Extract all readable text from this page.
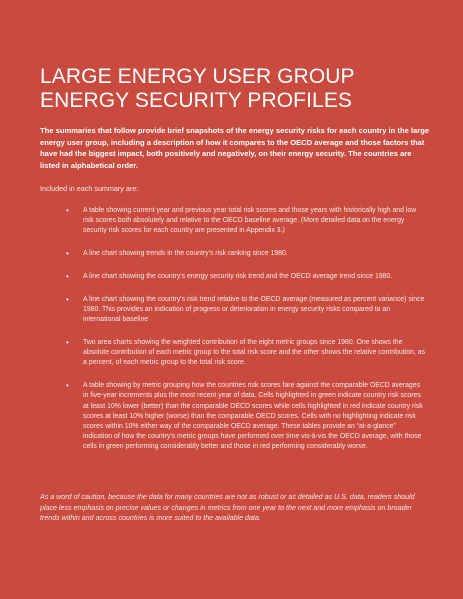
LARGE ENERGY USER GROUP
ENERGY SECURITY PROFILES

The summaries that follow provide brief snapshots of the energy security risks for each country in the large energy user group, including a description of how it compares to the OECD average and those factors that have had the biggest impact, both positively and negatively, on their energy security. The countries are listed in alphabetical order.

Included in each summary are:

• A table showing current year and previous year total risk scores and those years with historically high and low risk scores both absolutely and relative to the OECD baseline average. (More detailed data on the energy security risk scores for each country are presented in Appendix 3.)
• A line chart showing trends in the country's risk ranking since 1980.
• A line chart showing the country's energy security risk trend and the OECD average trend since 1980.
• A line chart showing the country's risk trend relative to the OECD average (measured as percent variance) since 1980. This provides an indication of progress or deterioration in energy security risks compared to an international baseline
• Two area charts showing the weighted contribution of the eight metric groups since 1980. One shows the absolute contribution of each metric group to the total risk score and the other shows the relative contribution, as a percent, of each metric group to the total risk score.
• A table showing by metric grouping how the countries risk scores fare against the comparable OECD averages in five-year increments plus the most recent year of data. Cells highlighted in green indicate country risk scores at least 10% lower (better) than the comparable OECD scores while cells highlighted in red indicate country risk scores at least 10% higher (worse) than the comparable OECD scores. Cells with no highlighting indicate risk scores within 10% either way of the comparable OECD average. These tables provide an “at-a-glance” indication of how the country's metric groups have performed over time vis-à-vis the OECD average, with those cells in green performing considerably better and those in red performing considerably worse.

As a word of caution, because the data for many countries are not as robust or as detailed as U.S. data, readers should place less emphasis on precise values or changes in metrics from one year to the next and more emphasis on broader trends within and across countries is more suited to the available data.
